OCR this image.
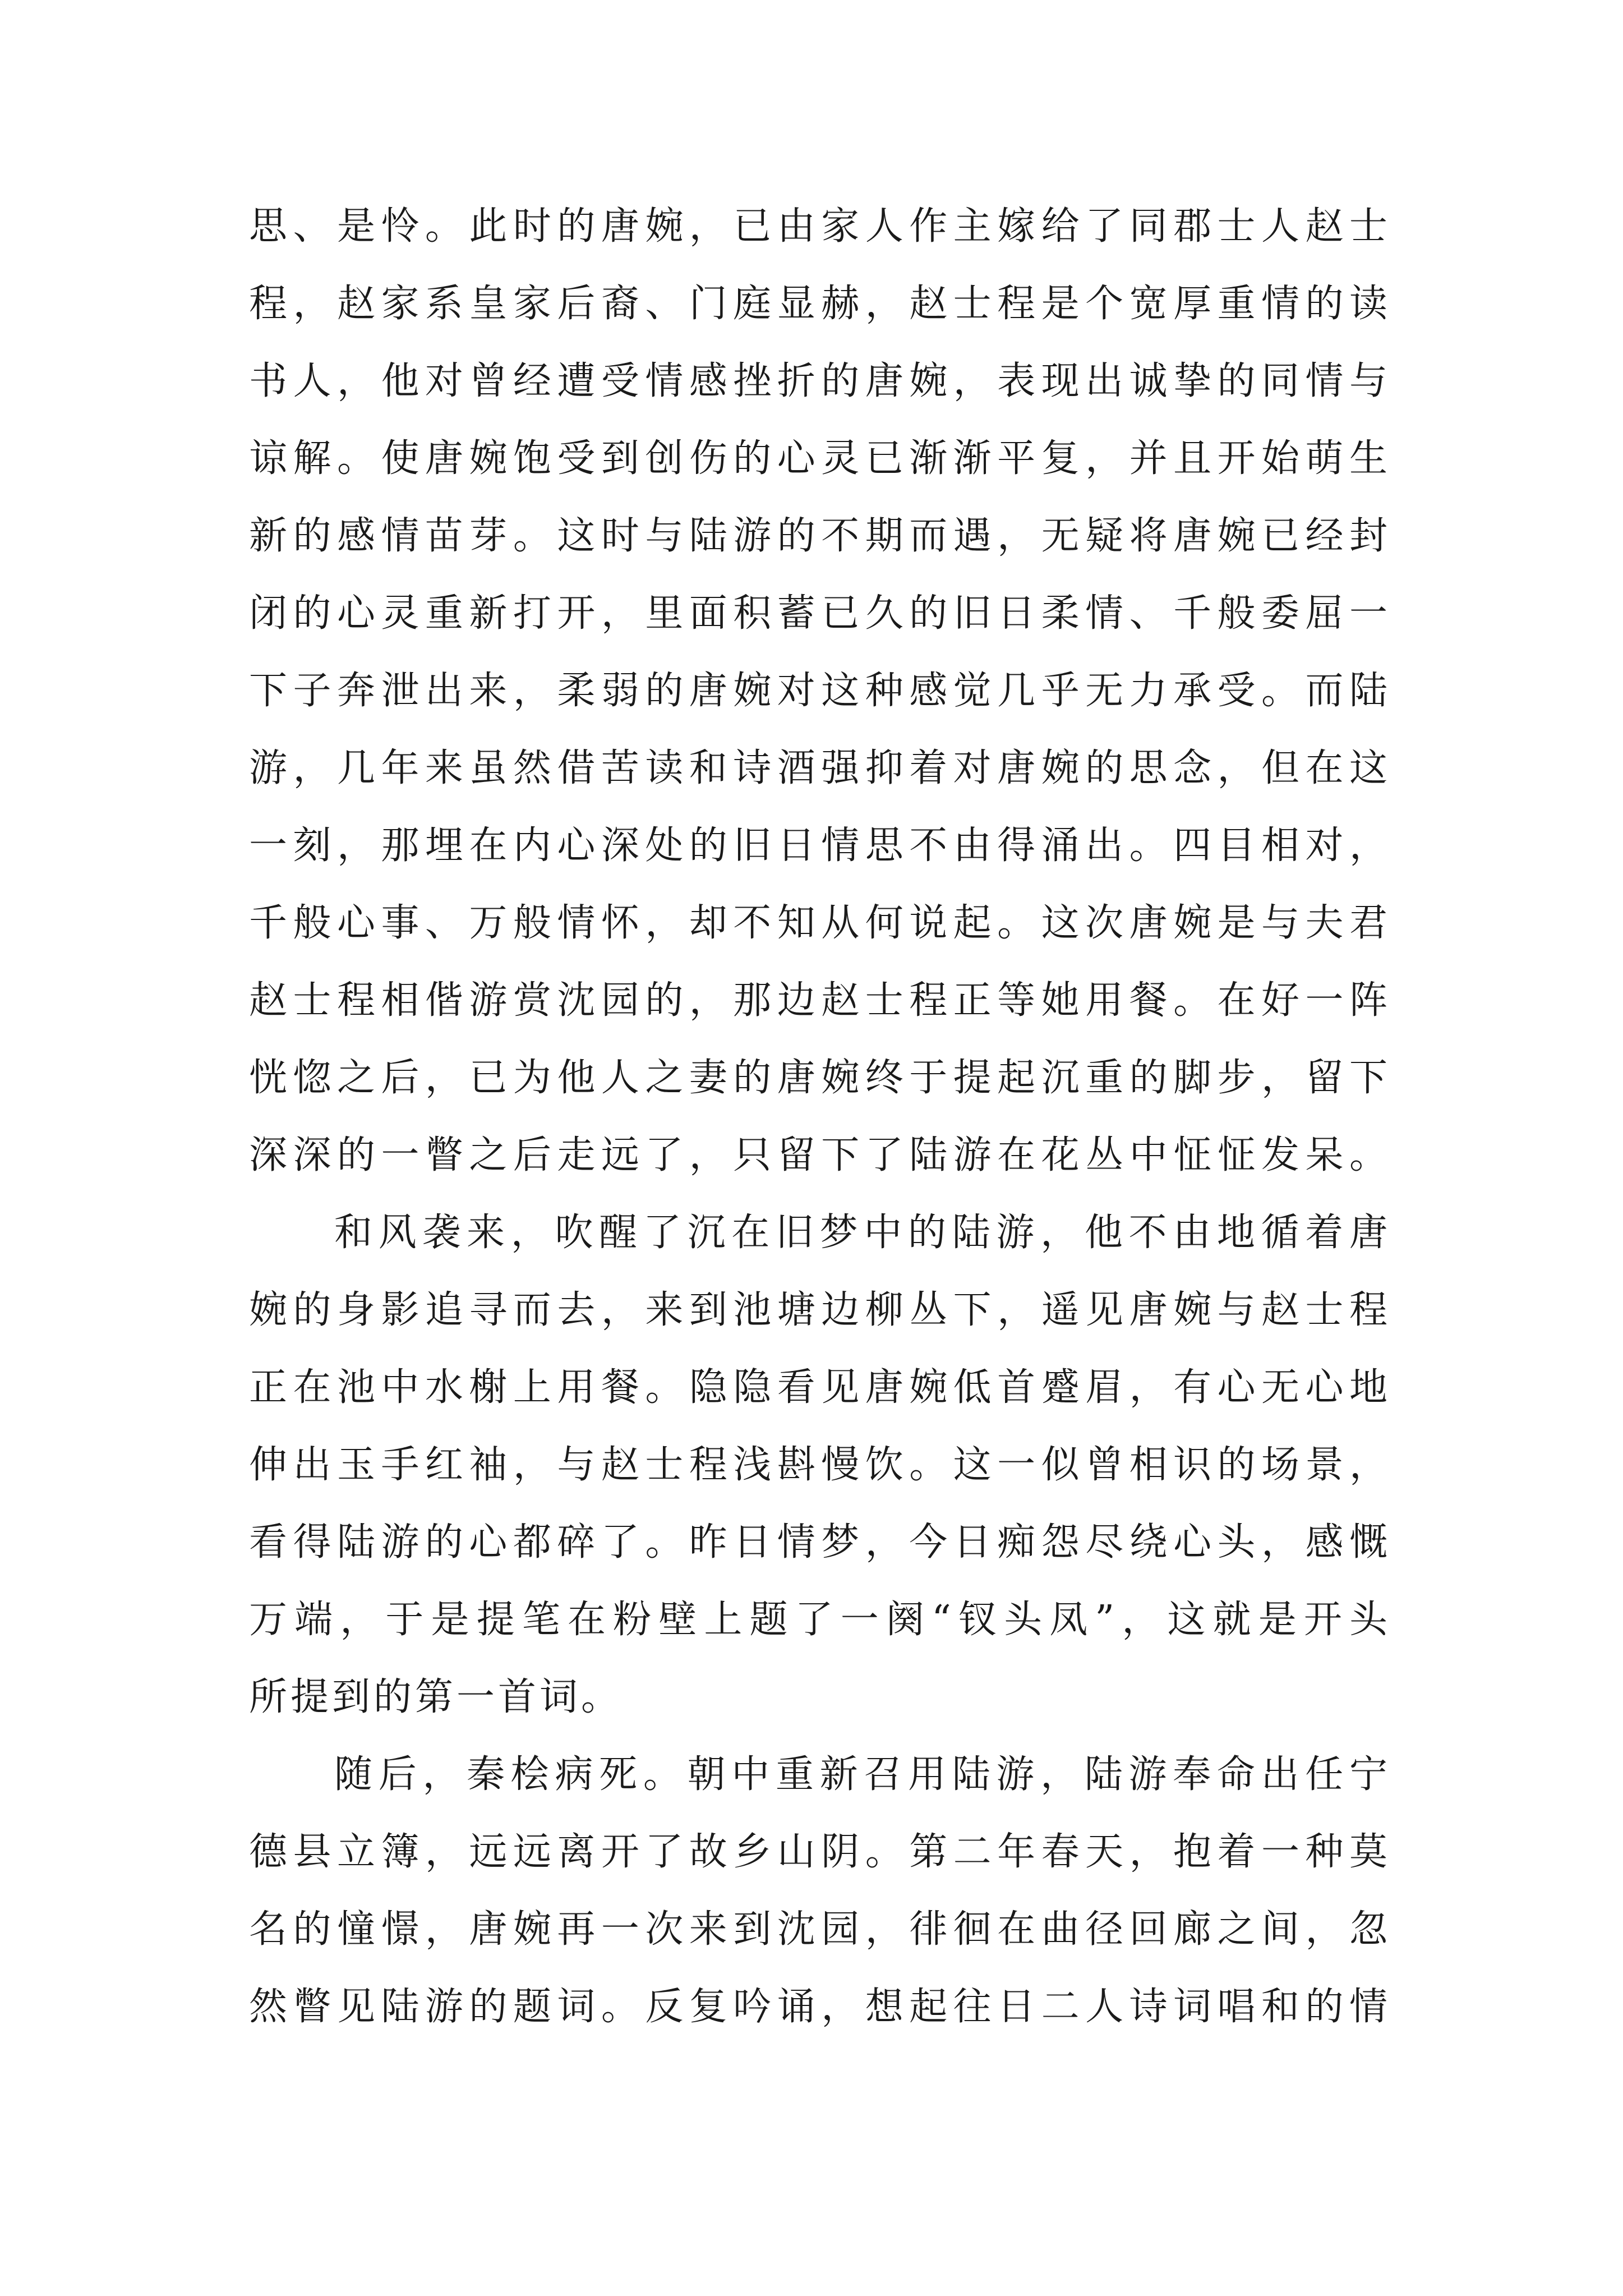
思、是怜。此时的唐婉，已由家人作主嫁给了同郡士人赵士
程，赵家系皇家后裔、门庭显赫，赵士程是个宽厚重情的读
书人，他对曾经遭受情感挫折的唐婉，表现出诚挚的同情与
谅解。使唐婉饱受到创伤的心灵已渐渐平复，并且开始萌生
新的感情苗芽。这时与陆游的不期而遇，无疑将唐婉已经封
闭的心灵重新打开，里面积蓄已久的旧日柔情、千般委屈一
下子奔泄出来，柔弱的唐婉对这种感觉几乎无力承受。而陆
游，几年来虽然借苦读和诗酒强抑着对唐婉的思念，但在这
一刻，那埋在内心深处的旧日情思不由得涌出。四目相对，
千般心事、万般情怀，却不知从何说起。这次唐婉是与夫君
赵士程相偕游赏沈园的，那边赵士程正等她用餐。在好一阵
恍惚之后，已为他人之妻的唐婉终于提起沉重的脚步，留下
深深的一瞥之后走远了，只留下了陆游在花丛中怔怔发呆。
和风袭来，吹醒了沉在旧梦中的陆游，他不由地循着唐
婉的身影追寻而去，来到池塘边柳丛下，遥见唐婉与赵士程
正在池中水榭上用餐。隐隐看见唐婉低首蹙眉，有心无心地
伸出玉手红袖，与赵士程浅斟慢饮。这一似曾相识的场景，
看得陆游的心都碎了。昨日情梦，今日痴怨尽绕心头，感慨
万端，于是提笔在粉壁上题了一阕“钗头凤”，这就是开头
所提到的第一首词。
随后，秦桧病死。朝中重新召用陆游，陆游奉命出任宁
德县立簿，远远离开了故乡山阴。第二年春天，抱着一种莫
名的憧憬，唐婉再一次来到沈园，徘徊在曲径回廊之间，忽
然瞥见陆游的题词。反复吟诵，想起往日二人诗词唱和的情
